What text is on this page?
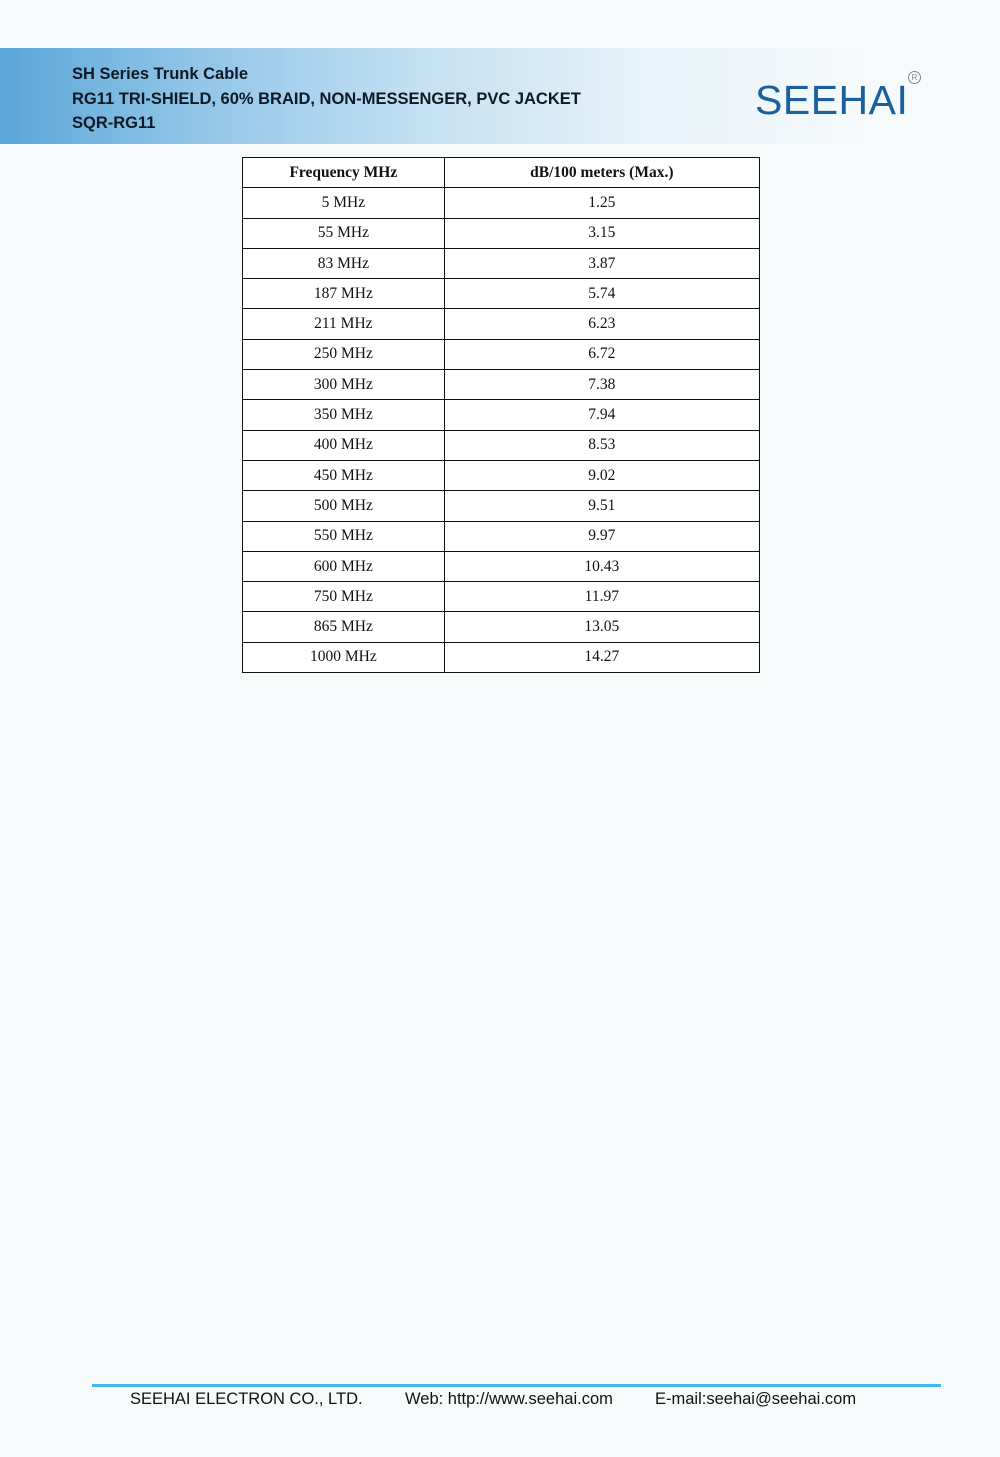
SH Series Trunk Cable
RG11 TRI-SHIELD, 60% BRAID, NON-MESSENGER, PVC JACKET
SQR-RG11	SEEHAI R
Frequency MHz	dB/100 meters (Max.)
5 MHz	1.25
55 MHz	3.15
83 MHz	3.87
187 MHz	5.74
211 MHz	6.23
250 MHz	6.72
300 MHz	7.38
350 MHz	7.94
400 MHz	8.53
450 MHz	9.02
500 MHz	9.51
550 MHz	9.97
600 MHz	10.43
750 MHz	11.97
865 MHz	13.05
1000 MHz	14.27
SEEHAI ELECTRON CO., LTD.	Web: http://www.seehai.com	E-mail:seehai@seehai.com
